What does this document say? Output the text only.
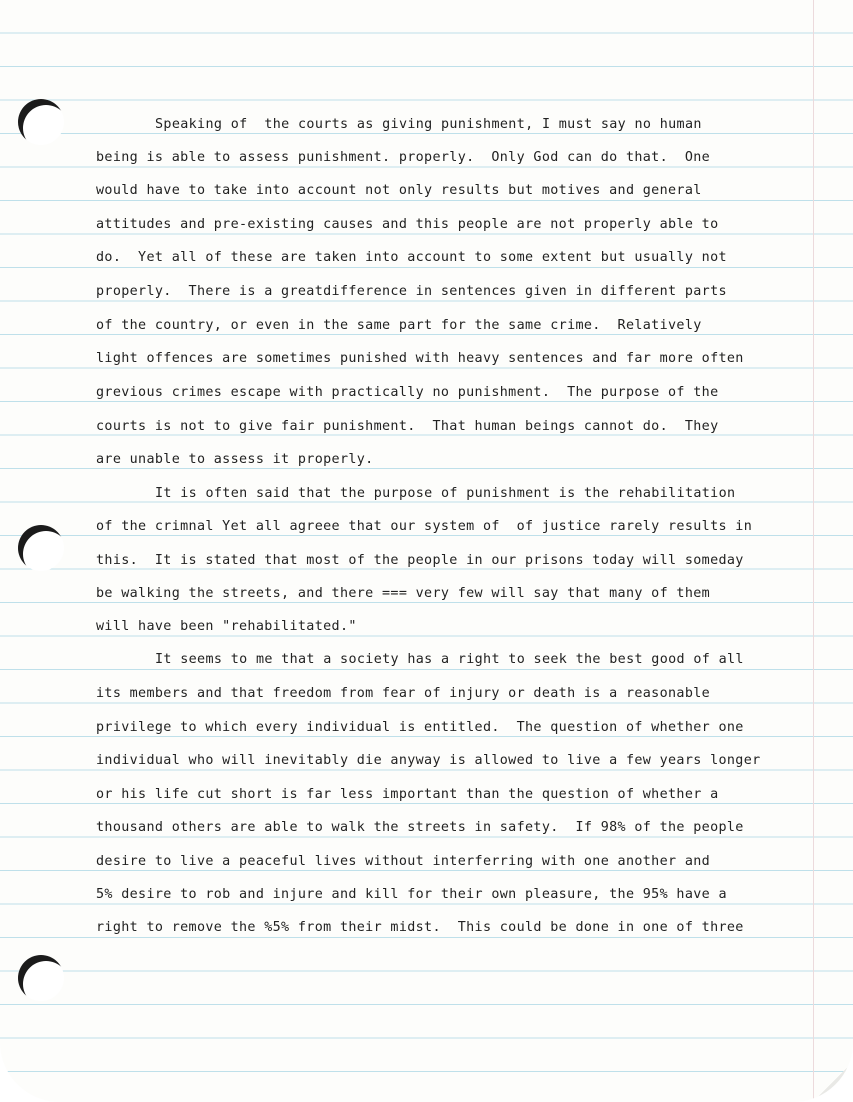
Speaking of  the courts as giving punishment, I must say no human

being is able to assess punishment. properly.  Only God can do that.  One

would have to take into account not only results but motives and general

attitudes and pre-existing causes and this people are not properly able to

do.  Yet all of these are taken into account to some extent but usually not

properly.  There is a greatdifference in sentences given in different parts

of the country, or even in the same part for the same crime.  Relatively

light offences are sometimes punished with heavy sentences and far more often

grevious crimes escape with practically no punishment.  The purpose of the

courts is not to give fair punishment.  That human beings cannot do.  They

are unable to assess it properly.

It is often said that the purpose of punishment is the rehabilitation

of the crimnal Yet all agreee that our system of  of justice rarely results in

this.  It is stated that most of the people in our prisons today will someday

be walking the streets, and there === very few will say that many of them

will have been "rehabilitated."

It seems to me that a society has a right to seek the best good of all

its members and that freedom from fear of injury or death is a reasonable

privilege to which every individual is entitled.  The question of whether one

individual who will inevitably die anyway is allowed to live a few years longer

or his life cut short is far less important than the question of whether a

thousand others are able to walk the streets in safety.  If 98% of the people

desire to live a peaceful lives without interferring with one another and

5% desire to rob and injure and kill for their own pleasure, the 95% have a

right to remove the %5% from their midst.  This could be done in one of three
